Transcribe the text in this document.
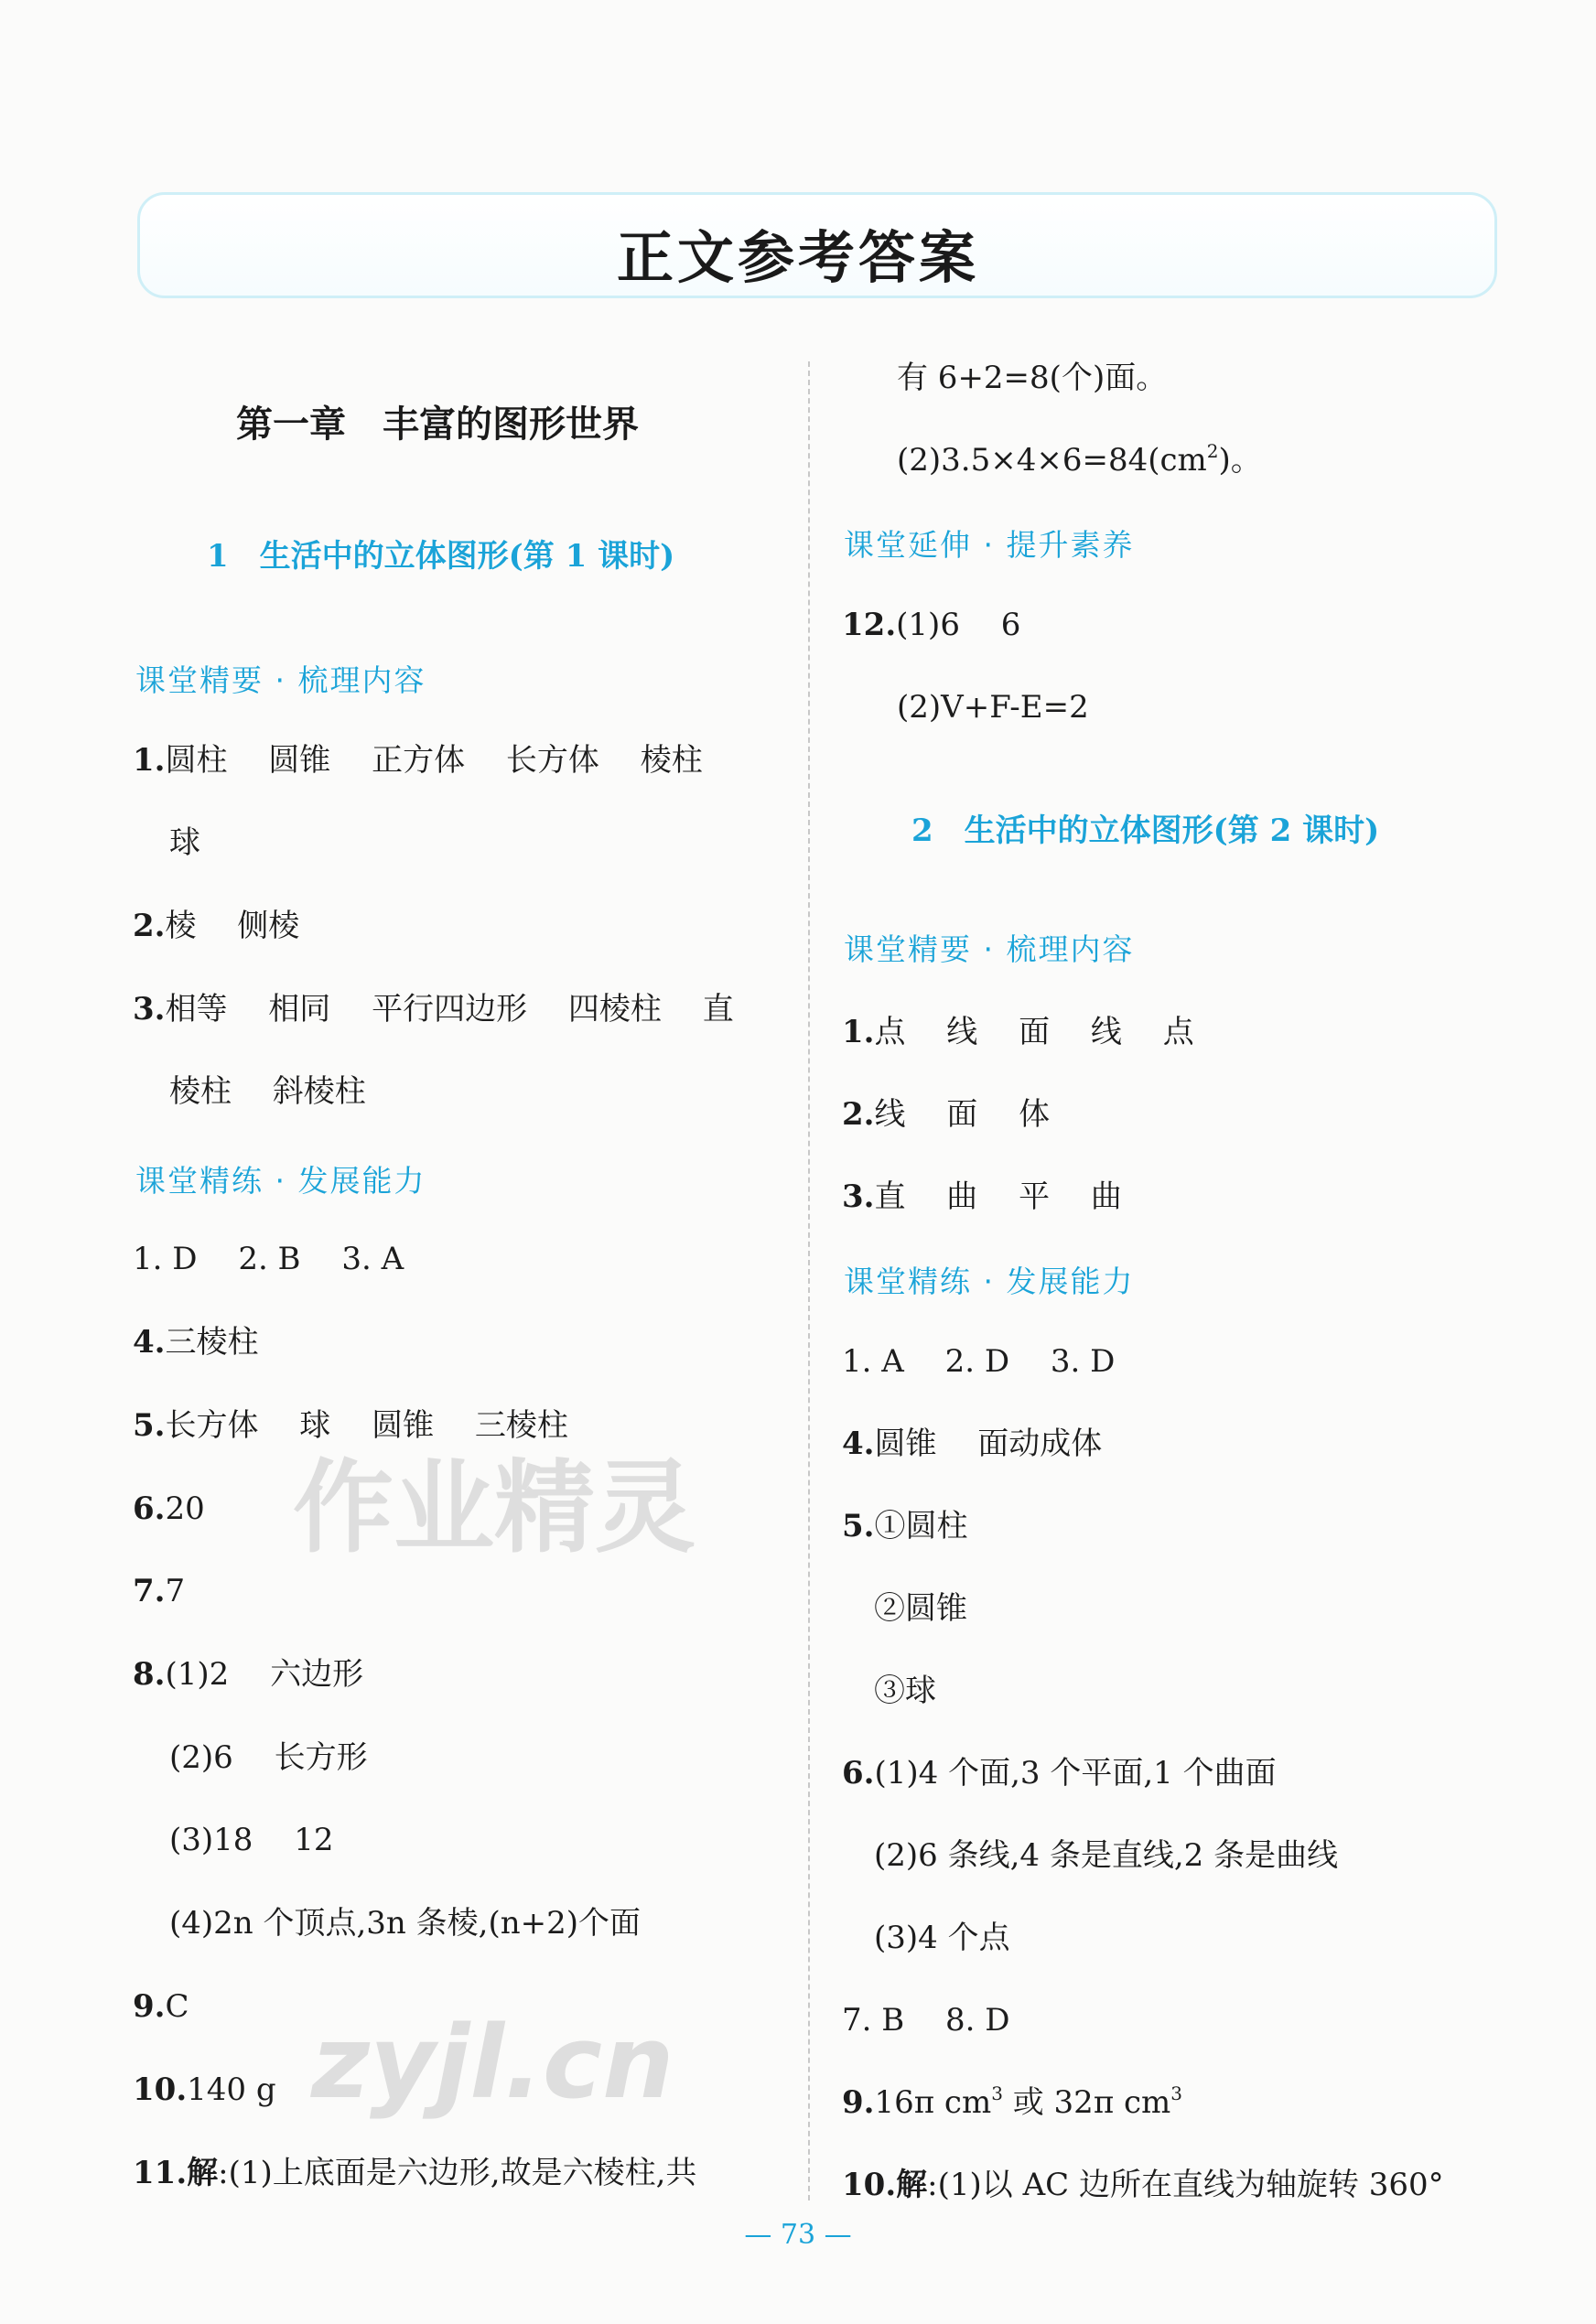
正文参考答案
第一章　丰富的图形世界
1　生活中的立体图形(第 1 课时)
课堂精要 · 梳理内容
1.圆柱　 圆锥　 正方体　 长方体　 棱柱
球
2.棱　 侧棱
3.相等　 相同　 平行四边形　 四棱柱　 直
棱柱　 斜棱柱
课堂精练 · 发展能力
1. D　 2. B　 3. A
4.三棱柱
5.长方体　 球　 圆锥　 三棱柱
6.20
7.7
8.(1)2　 六边形
(2)6　 长方形
(3)18　 12
(4)2n 个顶点,3n 条棱,(n+2)个面
9.C
10.140 g
11.解:(1)上底面是六边形,故是六棱柱,共
有 6+2=8(个)面。
$(2)3.5\times 4\times 6=84(cm^2)$。
课堂延伸 · 提升素养
12.(1)6　 6
(2)V+F-E=2
2　生活中的立体图形(第 2 课时)
课堂精要 · 梳理内容
1.点　 线　 面　 线　 点
2.线　 面　 体
3.直　 曲　 平　 曲
课堂精练 · 发展能力
1. A　 2. D　 3. D
4.圆锥　 面动成体
5.①圆柱
②圆锥
③球
6.(1)4 个面,3 个平面,1 个曲面
(2)6 条线,4 条是直线,2 条是曲线
(3)4 个点
7. B　 8. D
9.16π $cm^3$ 或 32π $cm^3$
10.解:(1)以 AC 边所在直线为轴旋转 360°
作业精灵
zyjl.cn
— 73 —
